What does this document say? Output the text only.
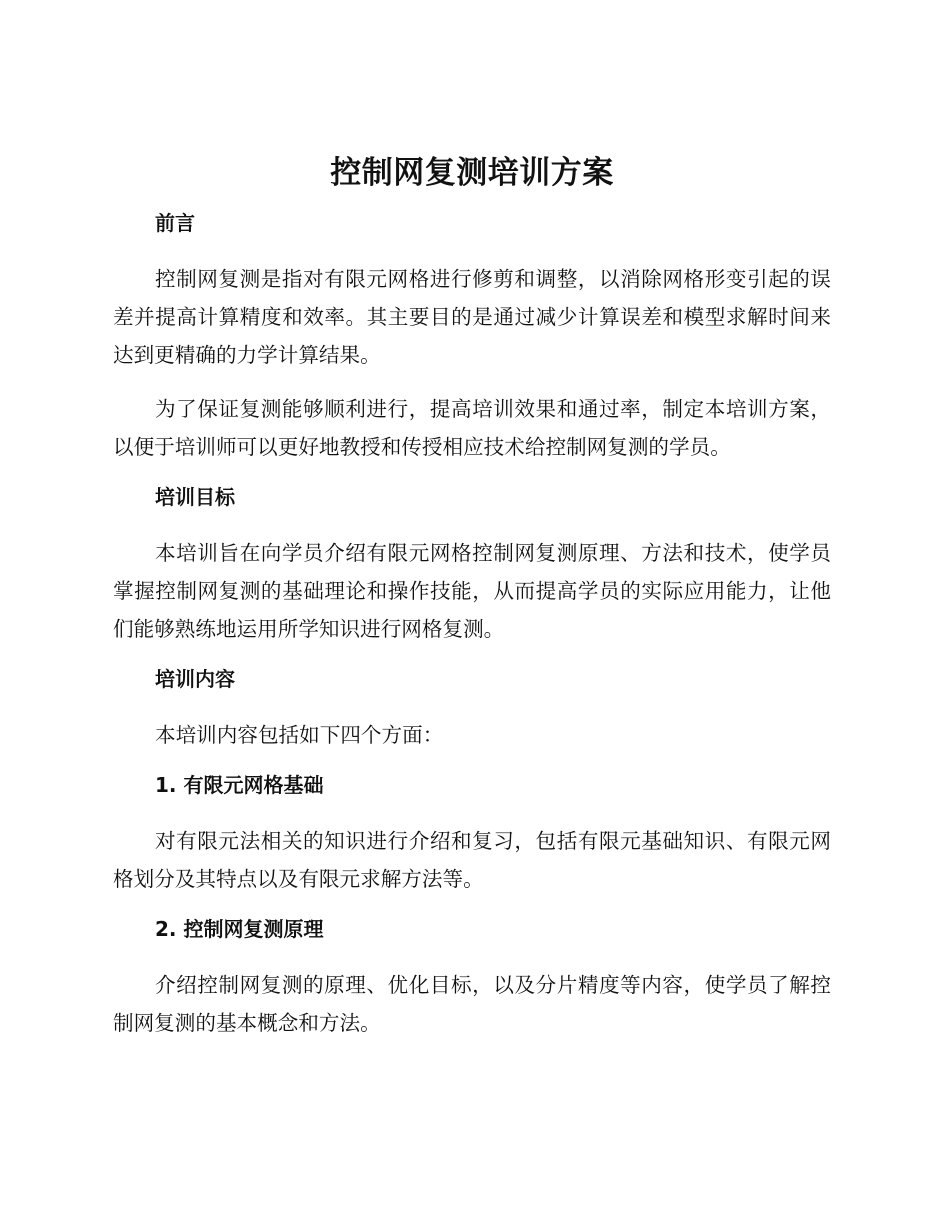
控制网复测培训方案
前言

控制网复测是指对有限元网格进行修剪和调整，以消除网格形变引起的误差并提高计算精度和效率。其主要目的是通过减少计算误差和模型求解时间来达到更精确的力学计算结果。

为了保证复测能够顺利进行，提高培训效果和通过率，制定本培训方案，以便于培训师可以更好地教授和传授相应技术给控制网复测的学员。

培训目标

本培训旨在向学员介绍有限元网格控制网复测原理、方法和技术，使学员掌握控制网复测的基础理论和操作技能，从而提高学员的实际应用能力，让他们能够熟练地运用所学知识进行网格复测。

培训内容

本培训内容包括如下四个方面：

1. 有限元网格基础

对有限元法相关的知识进行介绍和复习，包括有限元基础知识、有限元网格划分及其特点以及有限元求解方法等。

2. 控制网复测原理

介绍控制网复测的原理、优化目标，以及分片精度等内容，使学员了解控制网复测的基本概念和方法。
